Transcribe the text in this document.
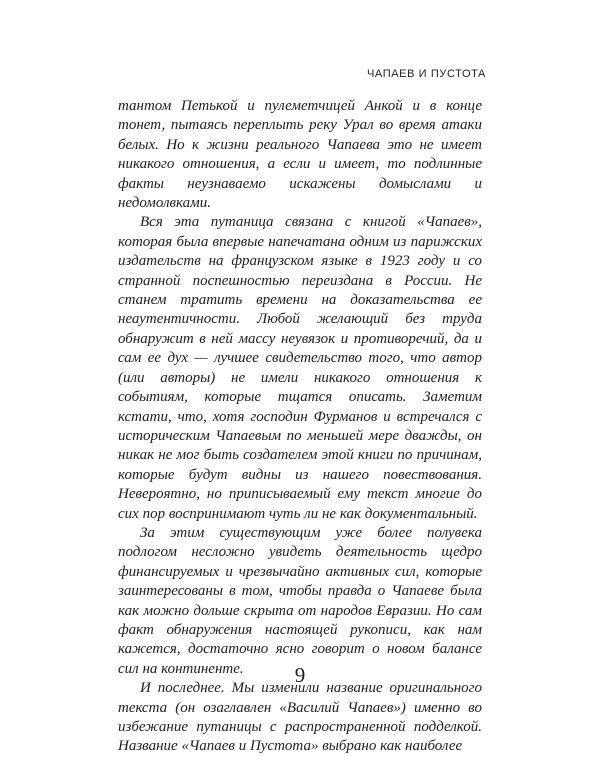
ЧАПАЕВ И ПУСТОТА

тантом Петькой и пулеметчицей Анкой и в конце тонет, пытаясь переплыть реку Урал во время атаки белых. Но к жизни реального Чапаева это не имеет никакого отношения, а если и имеет, то подлинные факты неузнаваемо искажены домыслами и недомолвками.

Вся эта путаница связана с книгой «Чапаев», которая была впервые напечатана одним из парижских издательств на французском языке в 1923 году и со странной поспешностью переиздана в России. Не станем тратить времени на доказательства ее неаутентичности. Любой желающий без труда обнаружит в ней массу неувязок и противоречий, да и сам ее дух — лучшее свидетельство того, что автор (или авторы) не имели никакого отношения к событиям, которые тщатся описать. Заметим кстати, что, хотя господин Фурманов и встречался с историческим Чапаевым по меньшей мере дважды, он никак не мог быть создателем этой книги по причинам, которые будут видны из нашего повествования. Невероятно, но приписываемый ему текст многие до сих пор воспринимают чуть ли не как документальный.

За этим существующим уже более полувека подлогом несложно увидеть деятельность щедро финансируемых и чрезвычайно активных сил, которые заинтересованы в том, чтобы правда о Чапаеве была как можно дольше скрыта от народов Евразии. Но сам факт обнаружения настоящей рукописи, как нам кажется, достаточно ясно говорит о новом балансе сил на континенте.

И последнее. Мы изменили название оригинального текста (он озаглавлен «Василий Чапаев») именно во избежание путаницы с распространенной подделкой. Название «Чапаев и Пустота» выбрано как наиболее

9
